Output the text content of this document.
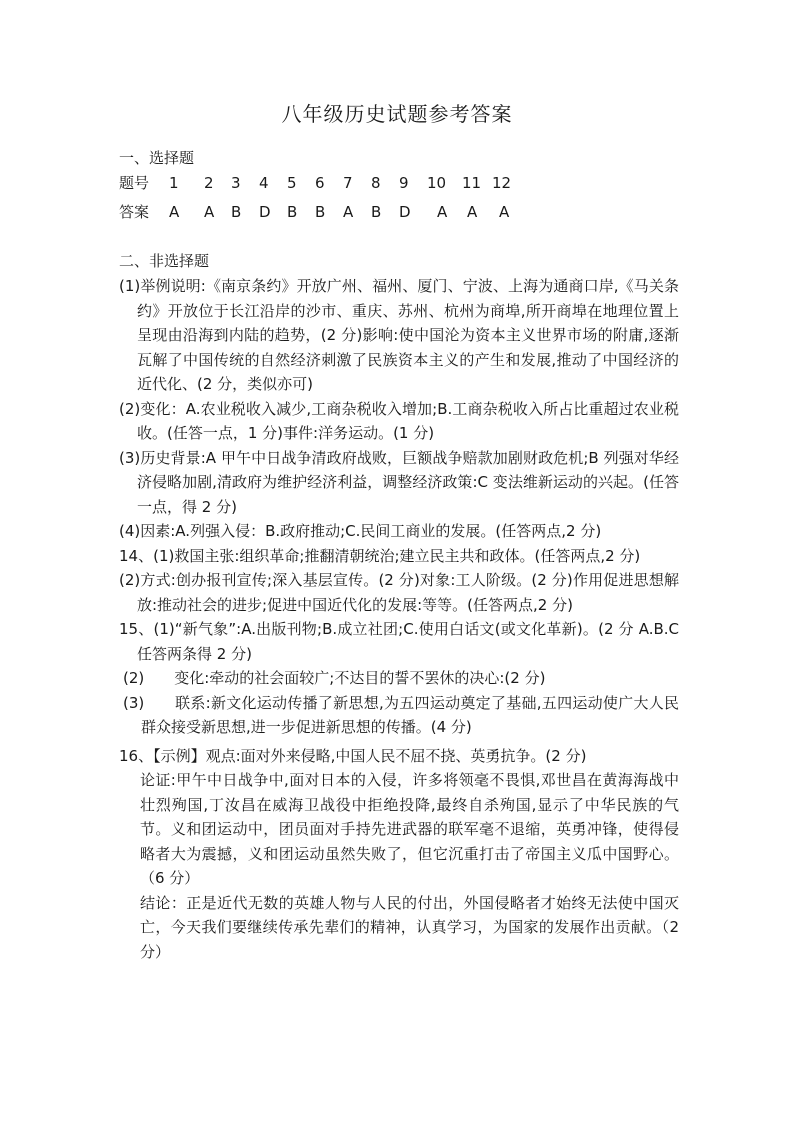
八年级历史试题参考答案
一、选择题
题号 1 2 3 4 5 6 7 8 9 10 11 12
答案 A A B D B B A B D A A A
二、非选择题
(1)举例说明:《南京条约》开放广州、福州、厦门、宁波、上海为通商口岸,《马关条约》开放位于长江沿岸的沙市、重庆、苏州、杭州为商埠,所开商埠在地理位置上呈现由沿海到内陆的趋势，(2 分)影响:使中国沦为资本主义世界市场的附庸,逐渐瓦解了中国传统的自然经济刺激了民族资本主义的产生和发展,推动了中国经济的近代化、(2 分，类似亦可)
(2)变化：A.农业税收入减少,工商杂税收入增加;B.工商杂税收入所占比重超过农业税收。(任答一点，1 分)事件:洋务运动。(1 分)
(3)历史背景:A 甲午中日战争清政府战败，巨额战争赔款加剧财政危机;B 列强对华经济侵略加剧,清政府为维护经济利益，调整经济政策:C 变法维新运动的兴起。(任答一点，得 2 分)
(4)因素:A.列强入侵：B.政府推动;C.民间工商业的发展。(任答两点,2 分)
14、(1)救国主张:组织革命;推翻清朝统治;建立民主共和政体。(任答两点,2 分)
(2)方式:创办报刊宣传;深入基层宣传。(2 分)对象:工人阶级。(2 分)作用促进思想解放:推动社会的进步;促进中国近代化的发展:等等。(任答两点,2 分)
15、(1)“新气象”:A.出版刊物;B.成立社团;C.使用白话文(或文化革新)。(2 分 A.B.C 任答两条得 2 分)
(2)　　变化:牵动的社会面较广;不达目的誓不罢休的决心:(2 分)
(3)　　联系:新文化运动传播了新思想,为五四运动奠定了基础,五四运动使广大人民群众接受新思想,进一步促进新思想的传播。(4 分)
16、【示例】观点:面对外来侵略,中国人民不屈不挠、英勇抗争。(2 分)
论证:甲午中日战争中,面对日本的入侵，许多将领毫不畏惧,邓世昌在黄海海战中壮烈殉国,丁汝昌在威海卫战役中拒绝投降,最终自杀殉国,显示了中华民族的气节。义和团运动中，团员面对手持先进武器的联军毫不退缩，英勇冲锋，使得侵略者大为震撼，义和团运动虽然失败了，但它沉重打击了帝国主义瓜中国野心。（6 分）
结论：正是近代无数的英雄人物与人民的付出，外国侵略者才始终无法使中国灭亡，今天我们要继续传承先辈们的精神，认真学习，为国家的发展作出贡献。（2 分）
